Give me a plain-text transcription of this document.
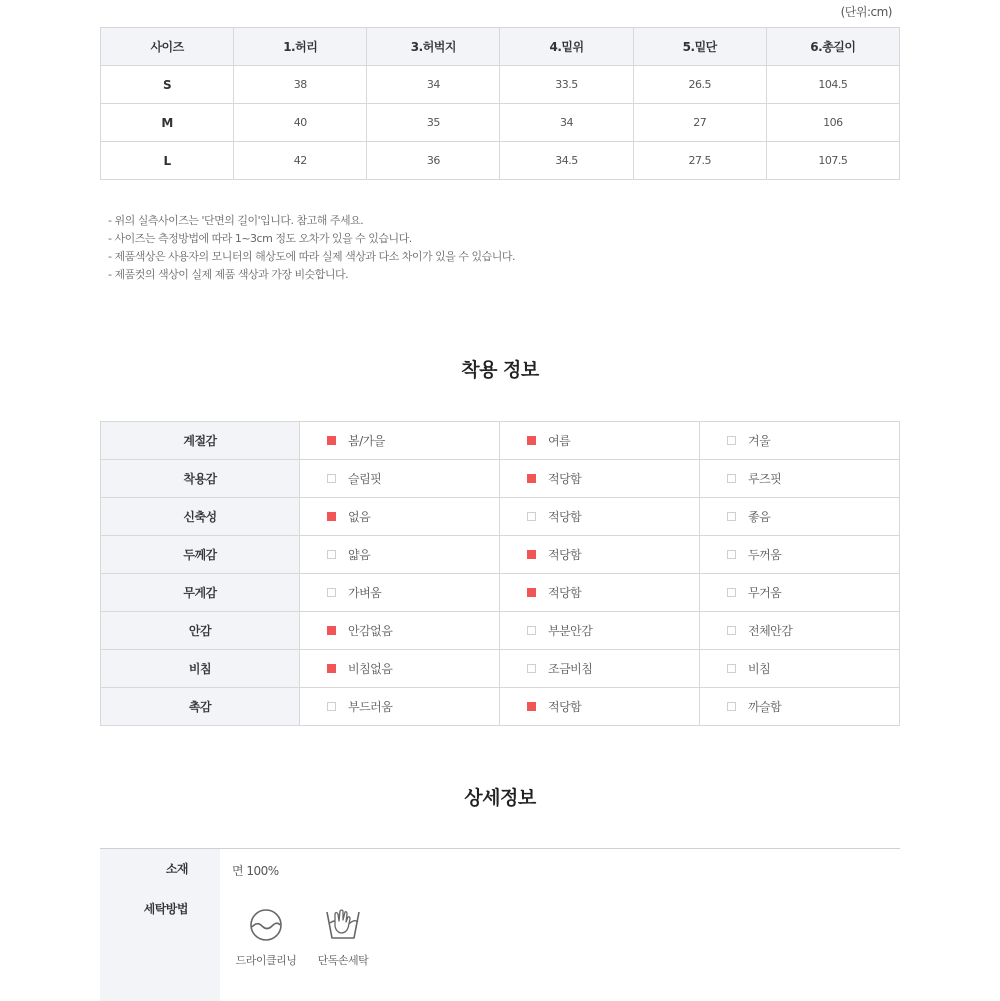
(단위:cm)
사이즈	1.허리	3.허벅지	4.밑위	5.밑단	6.총길이
S	38	34	33.5	26.5	104.5
M	40	35	34	27	106
L	42	36	34.5	27.5	107.5
- 위의 실측사이즈는 '단면의 길이'입니다. 참고해 주세요.
- 사이즈는 측정방법에 따라 1~3cm 정도 오차가 있을 수 있습니다.
- 제품색상은 사용자의 모니터의 해상도에 따라 실제 색상과 다소 차이가 있을 수 있습니다.
- 제품컷의 색상이 실제 제품 색상과 가장 비슷합니다.
착용 정보
계절감	봄/가을	여름	겨울

착용감	슬림핏	적당함	루즈핏

신축성	없음	적당함	좋음

두께감	얇음	적당함	두꺼움

무게감	가벼움	적당함	무거움

안감	안감없음	부분안감	전체안감

비침	비침없음	조금비침	비침

촉감	부드러움	적당함	까슬함
상세정보
소재	면 100%
세탁방법
드라이클리닝	단독손세탁
